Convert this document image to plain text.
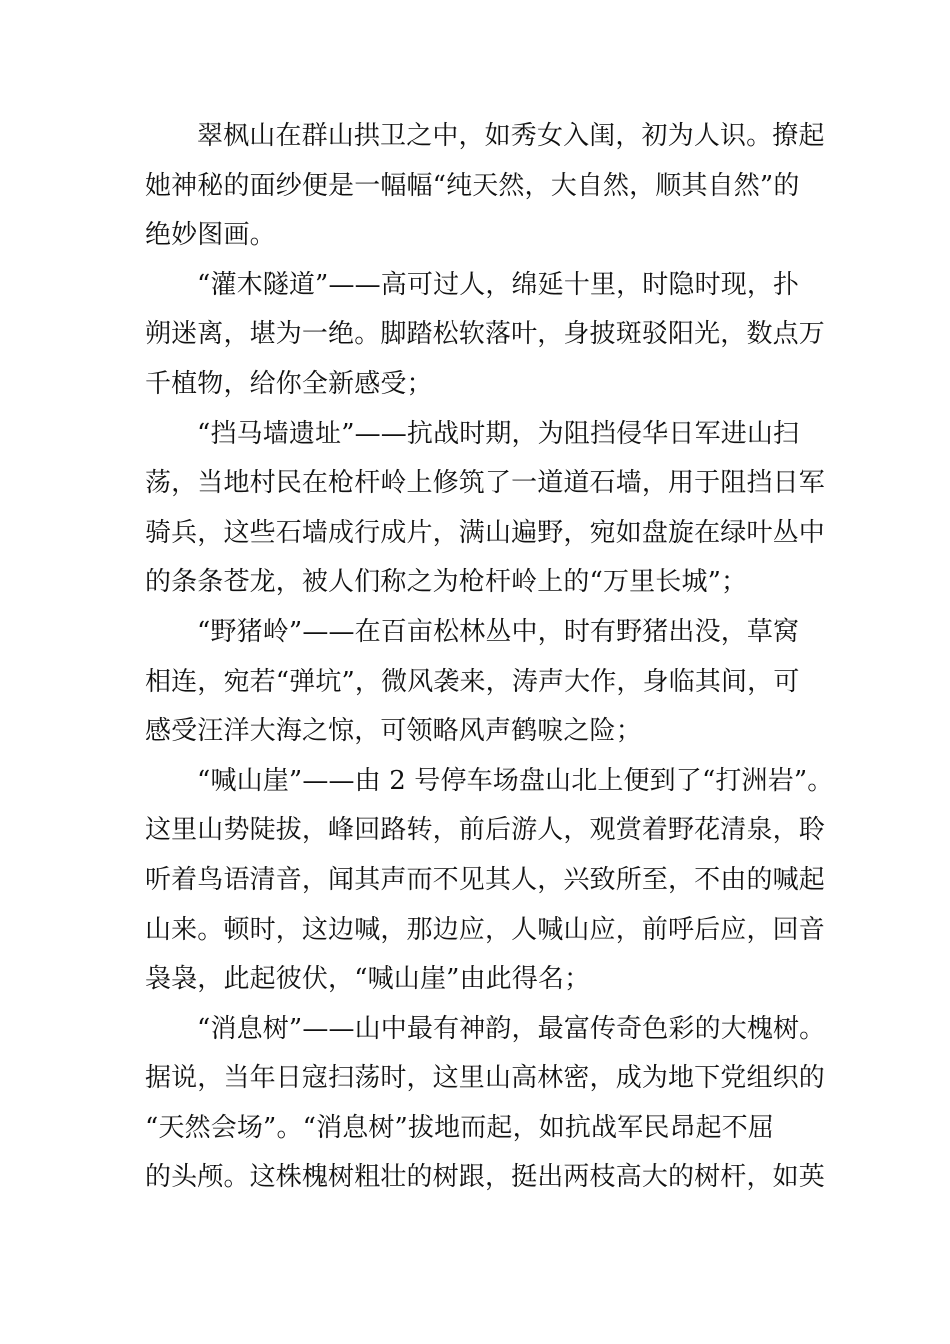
翠枫山在群山拱卫之中，如秀女入闺，初为人识。撩起
她神秘的面纱便是一幅幅“纯天然，大自然，顺其自然”的
绝妙图画。
“灌木隧道”——高可过人，绵延十里，时隐时现，扑
朔迷离，堪为一绝。脚踏松软落叶，身披斑驳阳光，数点万
千植物，给你全新感受；
“挡马墙遗址”——抗战时期，为阻挡侵华日军进山扫
荡，当地村民在枪杆岭上修筑了一道道石墙，用于阻挡日军
骑兵，这些石墙成行成片，满山遍野，宛如盘旋在绿叶丛中
的条条苍龙，被人们称之为枪杆岭上的“万里长城”；
“野猪岭”——在百亩松林丛中，时有野猪出没，草窝
相连，宛若“弹坑”，微风袭来，涛声大作，身临其间，可
感受汪洋大海之惊，可领略风声鹤唳之险；
“喊山崖”——由 2 号停车场盘山北上便到了“打洲岩”。
这里山势陡拔，峰回路转，前后游人，观赏着野花清泉，聆
听着鸟语清音，闻其声而不见其人，兴致所至，不由的喊起
山来。顿时，这边喊，那边应，人喊山应，前呼后应，回音
袅袅，此起彼伏，“喊山崖”由此得名；
“消息树”——山中最有神韵，最富传奇色彩的大槐树。
据说，当年日寇扫荡时，这里山高林密，成为地下党组织的
“天然会场”。“消息树”拔地而起，如抗战军民昂起不屈
的头颅。这株槐树粗壮的树跟，挺出两枝高大的树杆，如英
